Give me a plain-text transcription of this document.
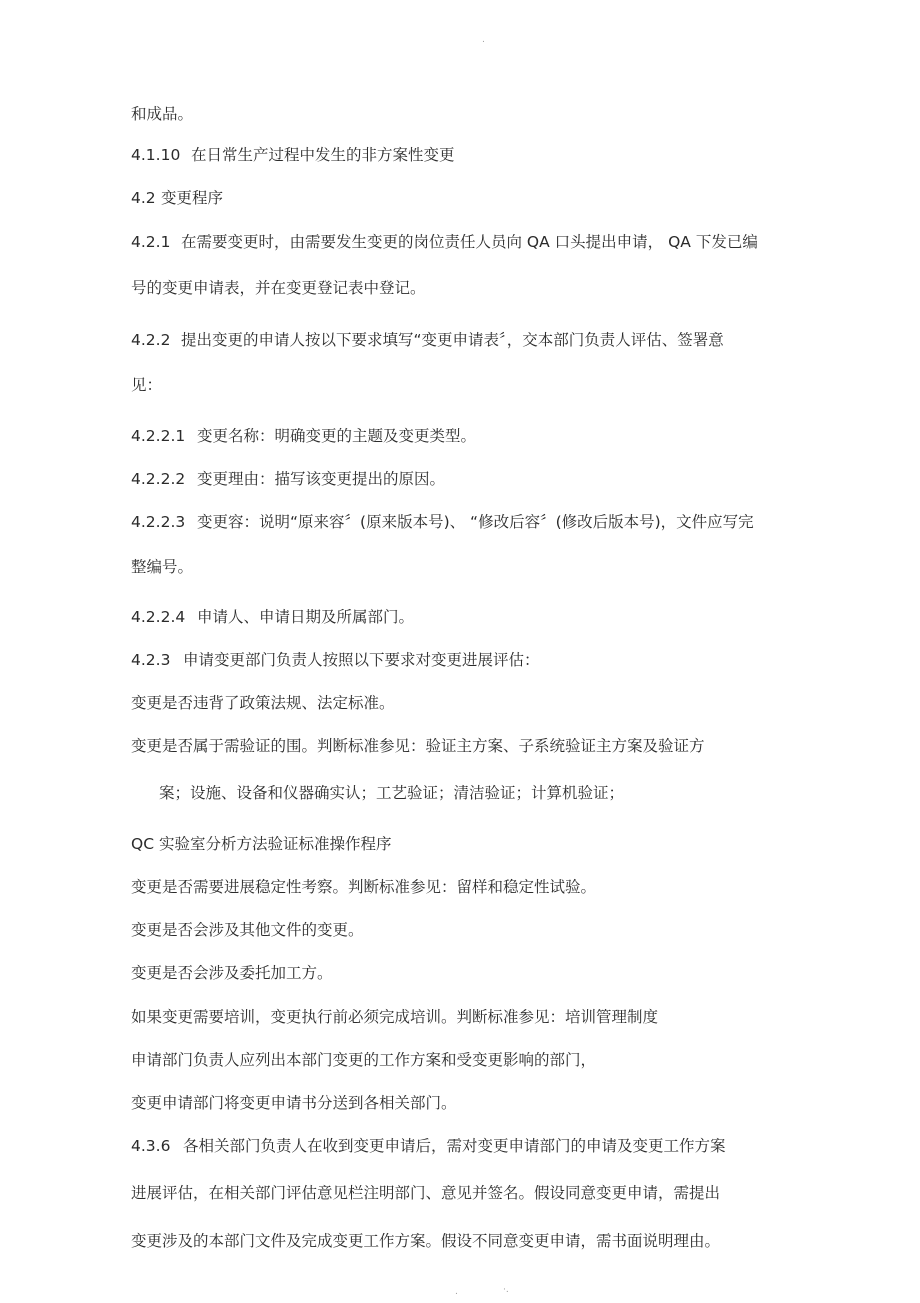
.
和成品。
4.1.10 在日常生产过程中发生的非方案性变更
4.2 变更程序
4.2.1 在需要变更时，由需要发生变更的岗位责任人员向 QA 口头提出申请， QA 下发已编
号的变更申请表，并在变更登记表中登记。
4.2.2 提出变更的申请人按以下要求填写“变更申请表〞，交本部门负责人评估、签署意
见：
4.2.2.1 变更名称：明确变更的主题及变更类型。
4.2.2.2 变更理由：描写该变更提出的原因。
4.2.2.3 变更容：说明“原来容〞(原来版本号)、 “修改后容〞(修改后版本号)，文件应写完
整编号。
4.2.2.4 申请人、申请日期及所属部门。
4.2.3 申请变更部门负责人按照以下要求对变更进展评估：
变更是否违背了政策法规、法定标准。
变更是否属于需验证的围。判断标准参见：验证主方案、子系统验证主方案及验证方
案；设施、设备和仪器确实认；工艺验证；清洁验证；计算机验证；
QC 实验室分析方法验证标准操作程序
变更是否需要进展稳定性考察。判断标准参见：留样和稳定性试验。
变更是否会涉及其他文件的变更。
变更是否会涉及委托加工方。
如果变更需要培训，变更执行前必须完成培训。判断标准参见：培训管理制度
申请部门负责人应列出本部门变更的工作方案和受变更影响的部门，
变更申请部门将变更申请书分送到各相关部门。
4.3.6 各相关部门负责人在收到变更申请后，需对变更申请部门的申请及变更工作方案
进展评估，在相关部门评估意见栏注明部门、意见并签名。假设同意变更申请，需提出
变更涉及的本部门文件及完成变更工作方案。假设不同意变更申请，需书面说明理由。
.	·.
